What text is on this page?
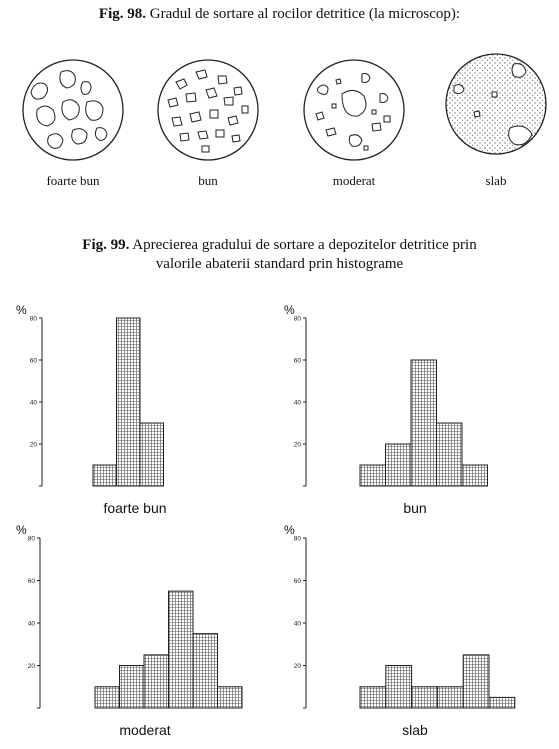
Fig. 98. Gradul de sortare al rocilor detritice (la microscop):
foarte bun	bun	moderat	slab
Fig. 99. Aprecierea gradului de sortare a depozitelor detritice prin
valorile abaterii standard prin histograme
%
80
60
40
20
%
80
60
40
20
%
80
60
40
20
%
80
60
40
20
foarte bun	bun
moderat	slab
